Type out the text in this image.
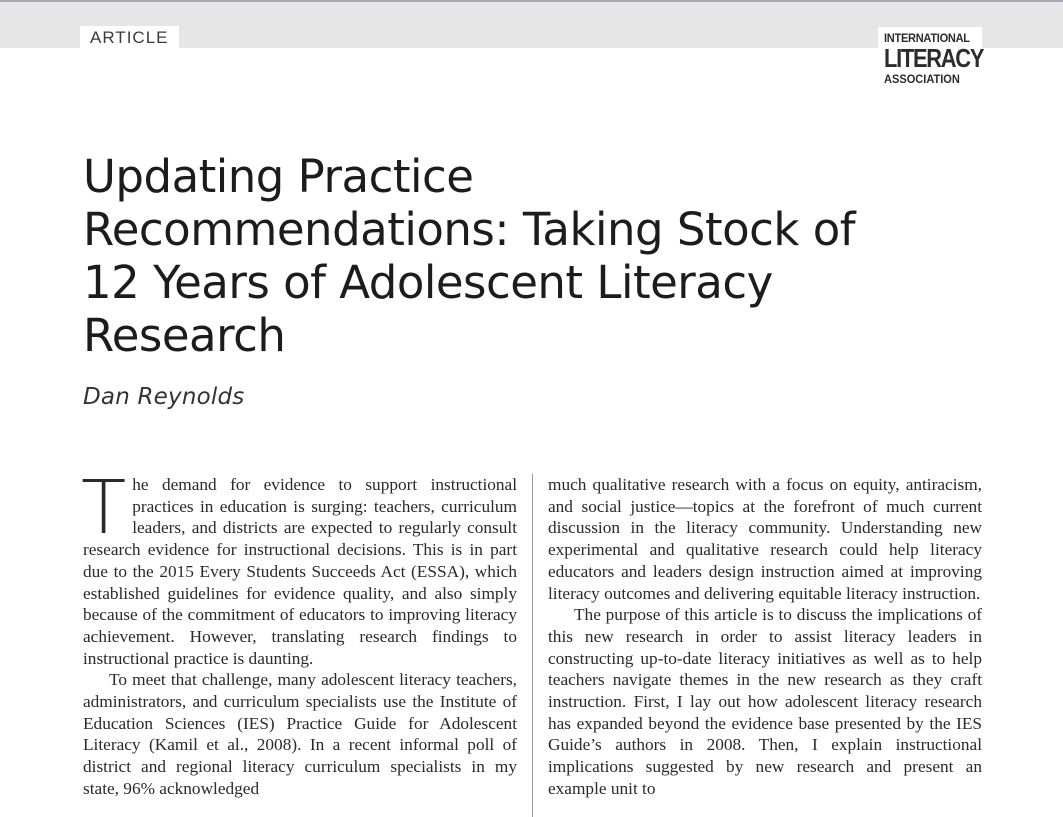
ARTICLE	INTERNATIONAL
LITERACY
ASSOCIATION
Updating Practice Recommendations: Taking Stock of 12 Years of Adolescent Literacy Research
Dan Reynolds

The demand for evidence to support instructional practices in education is surging: teachers, curriculum leaders, and districts are expected to regularly consult research evidence for instructional decisions. This is in part due to the 2015 Every Students Succeeds Act (ESSA), which established guidelines for evidence quality, and also simply because of the commitment of educators to improving literacy achievement. However, translating research findings to instructional practice is daunting.

To meet that challenge, many adolescent literacy teachers, administrators, and curriculum specialists use the Institute of Education Sciences (IES) Practice Guide for Adolescent Literacy (Kamil et al., 2008). In a recent informal poll of district and regional literacy curriculum specialists in my state, 96% acknowledged

much qualitative research with a focus on equity, antiracism, and social justice—topics at the forefront of much current discussion in the literacy community. Understanding new experimental and qualitative research could help literacy educators and leaders design instruction aimed at improving literacy outcomes and delivering equitable literacy instruction.

The purpose of this article is to discuss the implications of this new research in order to assist literacy leaders in constructing up-to-date literacy initiatives as well as to help teachers navigate themes in the new research as they craft instruction. First, I lay out how adolescent literacy research has expanded beyond the evidence base presented by the IES Guide’s authors in 2008. Then, I explain instructional implications suggested by new research and present an example unit to
